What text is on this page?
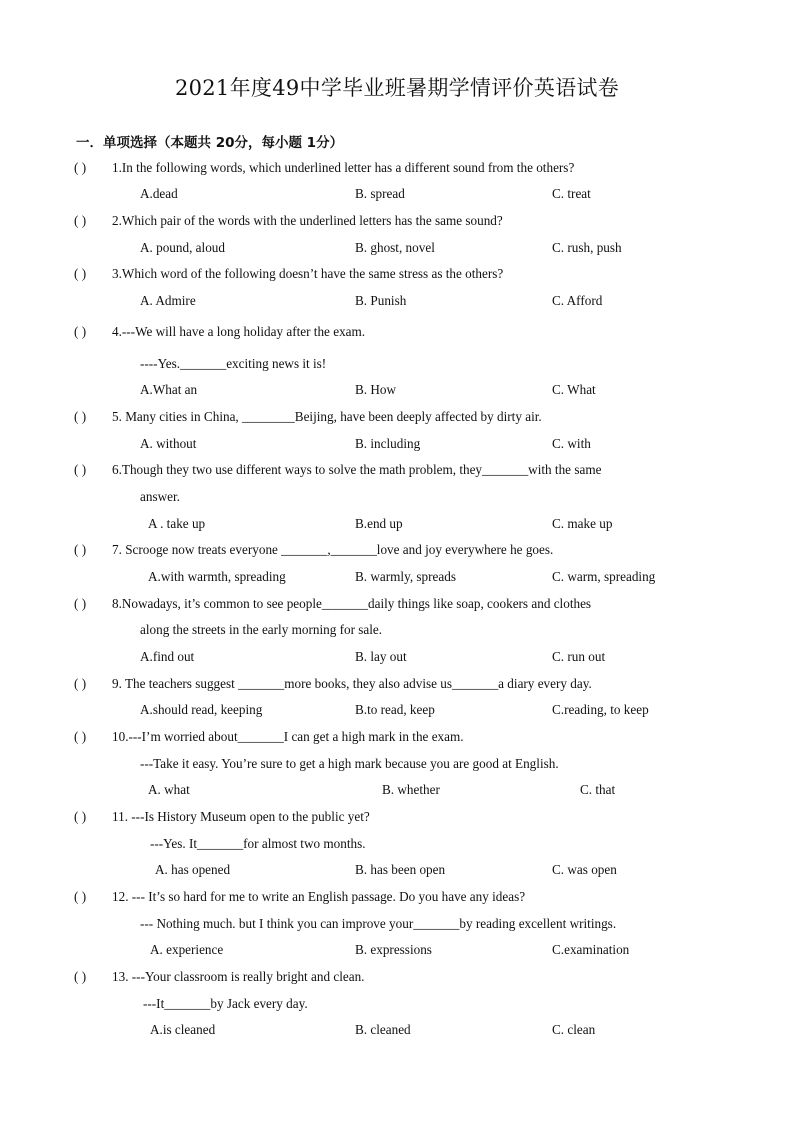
2021年度49中学毕业班暑期学情评价英语试卷
一．单项选择（本题共 20分，每小题 1分）
( ) 1.In the following words, which underlined letter has a different sound from the others?
A.dead	B. spread	C. treat
( ) 2.Which pair of the words with the underlined letters has the same sound?
A. pound, aloud	B. ghost, novel	C. rush, push
( ) 3.Which word of the following doesn’t have the same stress as the others?
A. Admire	B. Punish	C. Afford
( ) 4.---We will have a long holiday after the exam.
----Yes._______exciting news it is!
A.What an	B. How	C. What
( ) 5. Many cities in China, ________Beijing, have been deeply affected by dirty air.
A. without	B. including	C. with
( ) 6.Though they two use different ways to solve the math problem, they_______with the same
answer.
A . take up	B.end up	C. make up
( ) 7. Scrooge now treats everyone _______,_______love and joy everywhere he goes.
A.with warmth, spreading	B. warmly, spreads	C. warm, spreading
( ) 8.Nowadays, it’s common to see people_______daily things like soap, cookers and clothes
along the streets in the early morning for sale.
A.find out	B. lay out	C. run out
( ) 9. The teachers suggest _______more books, they also advise us_______a diary every day.
A.should read, keeping	B.to read, keep	C.reading, to keep
( ) 10.---I’m worried about_______I can get a high mark in the exam.
---Take it easy. You’re sure to get a high mark because you are good at English.
A. what	B. whether	C. that
( ) 11. ---Is History Museum open to the public yet?
---Yes. It_______for almost two months.
A. has opened	B. has been open	C. was open
( ) 12. --- It’s so hard for me to write an English passage. Do you have any ideas?
--- Nothing much. but I think you can improve your_______by reading excellent writings.
A. experience	B. expressions	C.examination
( ) 13. ---Your classroom is really bright and clean.
---It_______by Jack every day.
A.is cleaned	B. cleaned	C. clean
